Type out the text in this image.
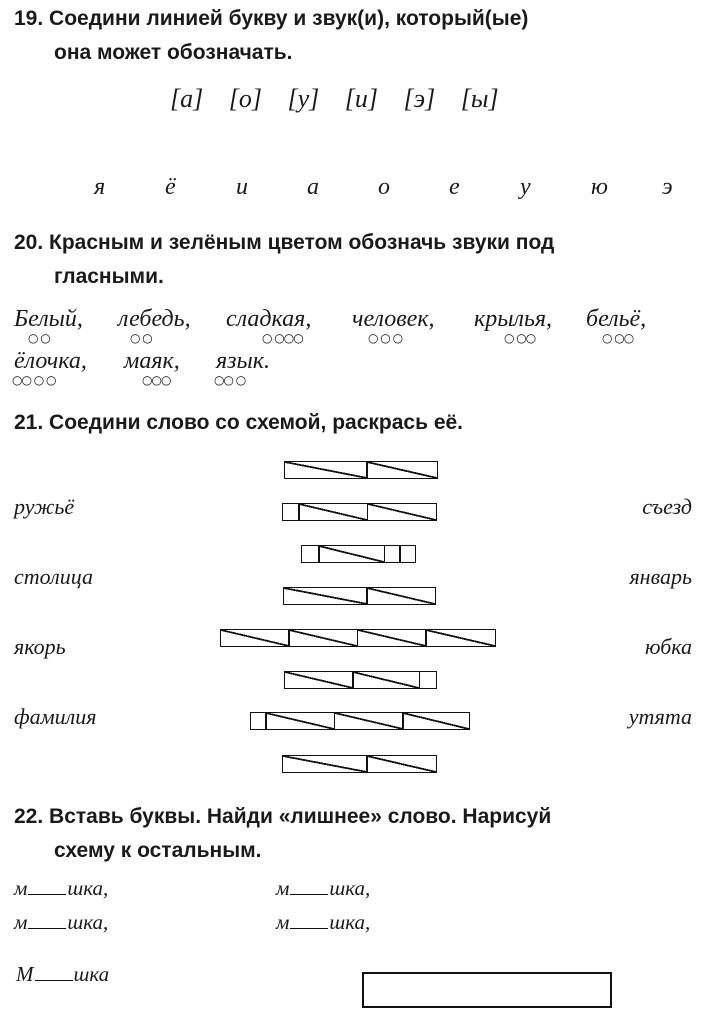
19. Соедини линией букву и звук(и), который(ые)
она может обозначать.
[а] [о] [у] [и] [э] [ы]
я ё	и а о е	у	ю э
20. Красным и зелёным цветом обозначь звуки под
гласными.
Белый,
○ ○
лебедь,
○ ○
сладкая,
○ ○○○
человек,
○ ○ ○
крылья,
○ ○○
бельё,
○ ○○
ёлочка,
○○ ○ ○
маяк,
○○○
язык.
○○ ○
21. Соедини слово со схемой, раскрась её.
ружьё
столица
якорь
фамилия
съезд
январь
юбка
утята
22. Вставь буквы. Найди «лишнее» слово. Нарисуй
схему к остальным.
м шка,	м шка,
м шка,	м шка,
М шка
